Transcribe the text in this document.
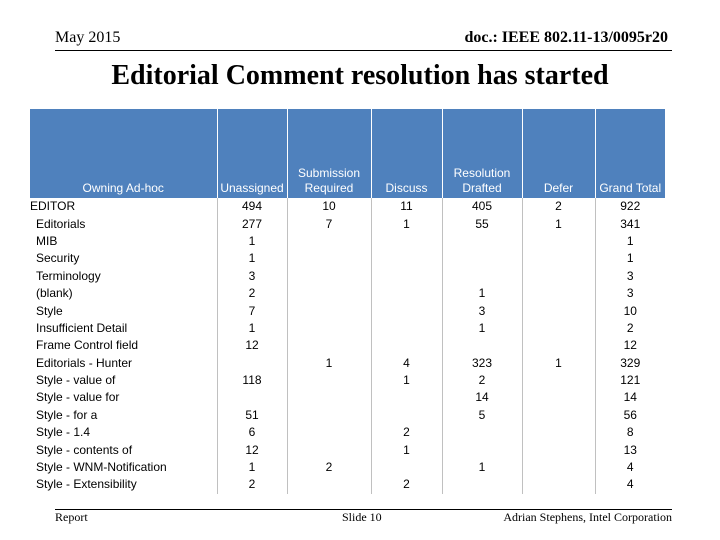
May 2015	doc.: IEEE 802.11-13/0095r20
Editorial Comment resolution has started
Owning Ad-hoc	Unassigned	Submission Required	Discuss	Resolution Drafted	Defer	Grand Total
EDITOR	494	10	11	405	2	922
Editorials	277	7	1	55	1	341
MIB	1					1
Security	1					1
Terminology	3					3
(blank)	2			1		3
Style	7			3		10
Insufficient Detail	1			1		2
Frame Control field	12					12
Editorials - Hunter		1	4	323	1	329
Style - value of	118		1	2		121
Style - value for				14		14
Style - for a	51			5		56
Style - 1.4	6		2			8
Style - contents of	12		1			13
Style - WNM-Notification	1	2		1		4
Style - Extensibility	2		2			4
Report	Slide 10	Adrian Stephens, Intel Corporation
